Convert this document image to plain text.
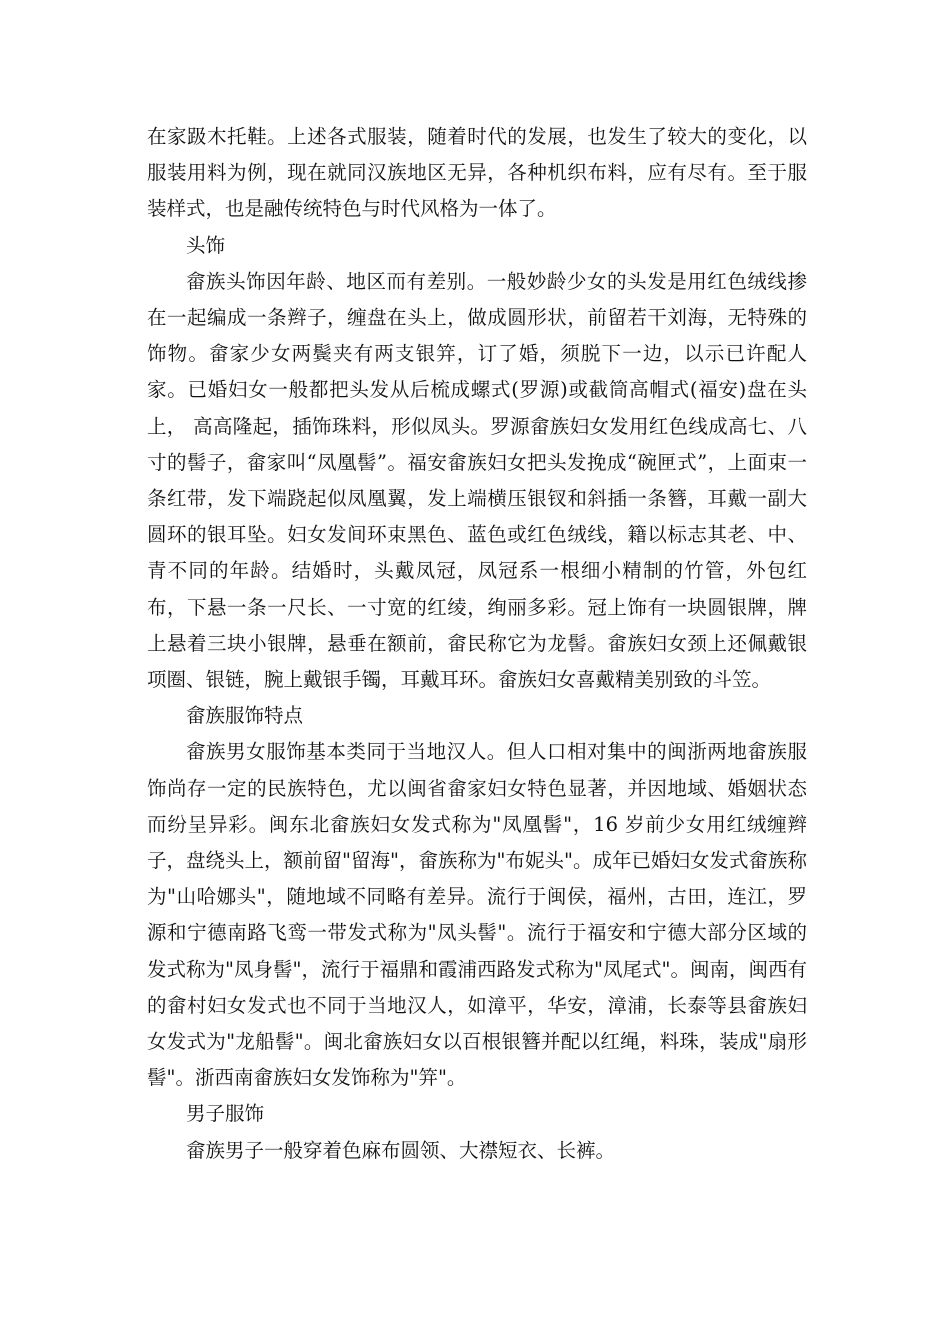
在家趿木托鞋。上述各式服装，随着时代的发展，也发生了较大的变化，以服装用料为例，现在就同汉族地区无异，各种机织布料，应有尽有。至于服装样式，也是融传统特色与时代风格为一体了。

头饰

畲族头饰因年龄、地区而有差别。一般妙龄少女的头发是用红色绒线掺在一起编成一条辫子，缠盘在头上，做成圆形状，前留若干刘海，无特殊的饰物。畲家少女两鬓夹有两支银笄，订了婚，须脱下一边，以示已许配人家。已婚妇女一般都把头发从后梳成螺式(罗源)或截筒高帽式(福安)盘在头上， 高高隆起，插饰珠料，形似凤头。罗源畲族妇女发用红色线成高七、八寸的髻子，畲家叫“凤凰髻”。福安畲族妇女把头发挽成“碗匣式”，上面束一条红带，发下端跷起似凤凰翼，发上端横压银钗和斜插一条簪，耳戴一副大圆环的银耳坠。妇女发间环束黑色、蓝色或红色绒线，籍以标志其老、中、青不同的年龄。结婚时，头戴凤冠，凤冠系一根细小精制的竹管，外包红布，下悬一条一尺长、一寸宽的红绫，绚丽多彩。冠上饰有一块圆银牌，牌上悬着三块小银牌，悬垂在额前，畲民称它为龙髻。畲族妇女颈上还佩戴银项圈、银链，腕上戴银手镯，耳戴耳环。畲族妇女喜戴精美别致的斗笠。

畲族服饰特点

畲族男女服饰基本类同于当地汉人。但人口相对集中的闽浙两地畲族服饰尚存一定的民族特色，尤以闽省畲家妇女特色显著，并因地域、婚姻状态而纷呈异彩。闽东北畲族妇女发式称为"凤凰髻"，16 岁前少女用红绒缠辫子，盘绕头上，额前留"留海"，畲族称为"布妮头"。成年已婚妇女发式畲族称为"山哈娜头"，随地域不同略有差异。流行于闽侯，福州，古田，连江，罗源和宁德南路飞鸾一带发式称为"凤头髻"。流行于福安和宁德大部分区域的发式称为"凤身髻"，流行于福鼎和霞浦西路发式称为"凤尾式"。闽南，闽西有的畲村妇女发式也不同于当地汉人，如漳平，华安，漳浦，长泰等县畲族妇女发式为"龙船髻"。闽北畲族妇女以百根银簪并配以红绳，料珠，装成"扇形髻"。浙西南畲族妇女发饰称为"笄"。

男子服饰

畲族男子一般穿着色麻布圆领、大襟短衣、长裤。
